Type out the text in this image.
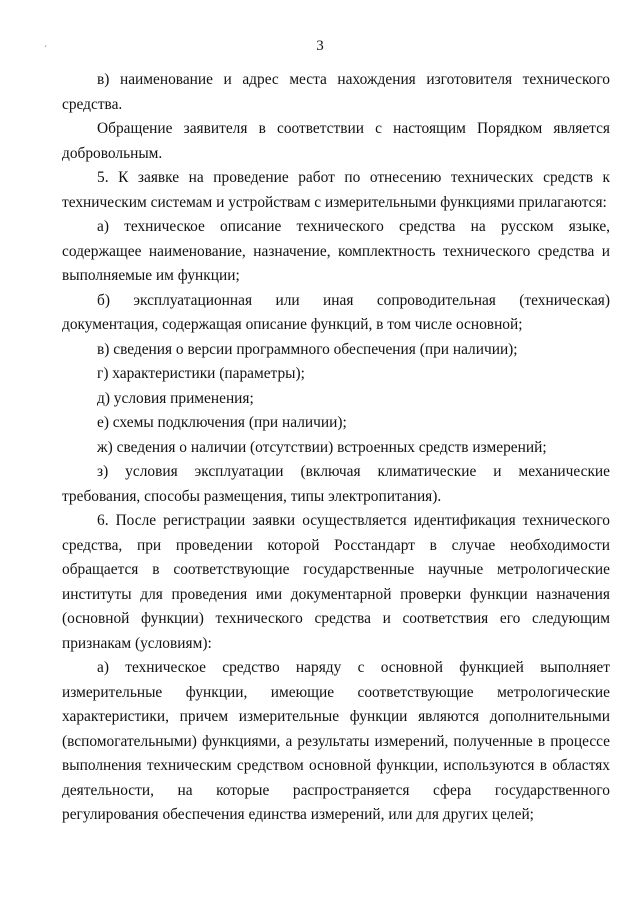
´	3

в) наименование и адрес места нахождения изготовителя технического средства.

Обращение заявителя в соответствии с настоящим Порядком является добровольным.

5. К заявке на проведение работ по отнесению технических средств к техническим системам и устройствам с измерительными функциями прилагаются:

а) техническое описание технического средства на русском языке, содержащее наименование, назначение, комплектность технического средства и выполняемые им функции;

б) эксплуатационная или иная сопроводительная (техническая) документация, содержащая описание функций, в том числе основной;

в) сведения о версии программного обеспечения (при наличии);

г) характеристики (параметры);

д) условия применения;

е) схемы подключения (при наличии);

ж) сведения о наличии (отсутствии) встроенных средств измерений;

з) условия эксплуатации (включая климатические и механические требования, способы размещения, типы электропитания).

6. После регистрации заявки осуществляется идентификация технического средства, при проведении которой Росстандарт в случае необходимости обращается в соответствующие государственные научные метрологические институты для проведения ими документарной проверки функции назначения (основной функции) технического средства и соответствия его следующим признакам (условиям):

а) техническое средство наряду с основной функцией выполняет измерительные функции, имеющие соответствующие метрологические характеристики, причем измерительные функции являются дополнительными (вспомогательными) функциями, а результаты измерений, полученные в процессе выполнения техническим средством основной функции, используются в областях деятельности, на которые распространяется сфера государственного регулирования обеспечения единства измерений, или для других целей;
